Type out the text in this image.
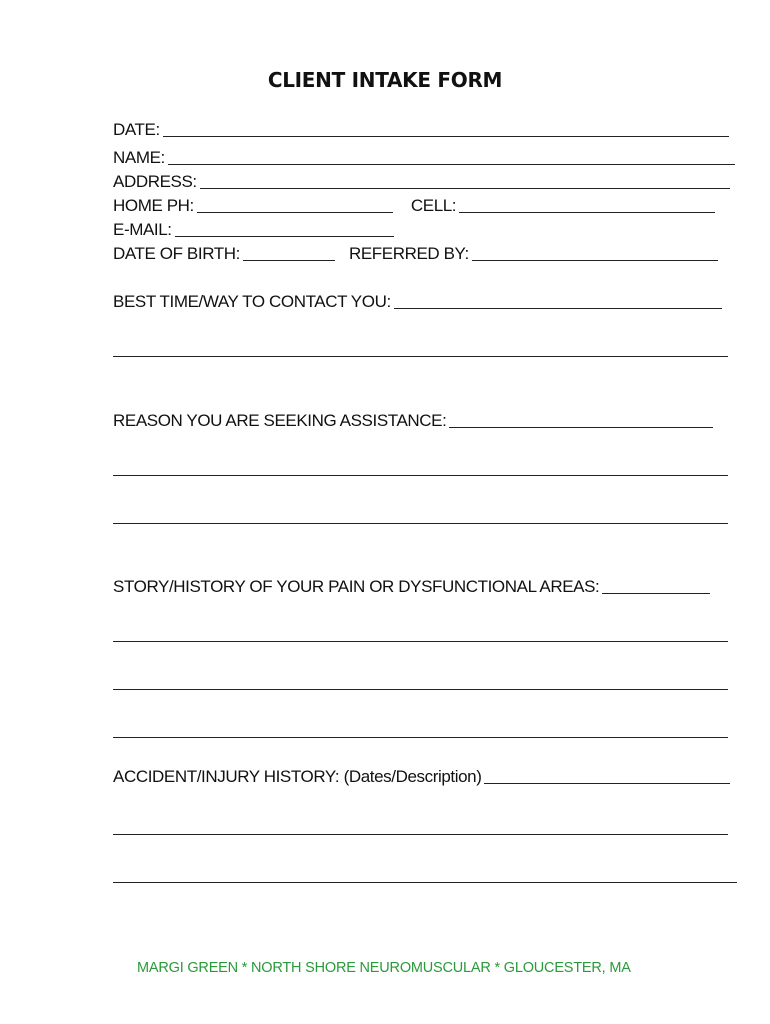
CLIENT INTAKE FORM
DATE:
NAME:
ADDRESS:
HOME PH:	CELL:
E-MAIL:
DATE OF BIRTH:	REFERRED BY:
BEST TIME/WAY TO CONTACT YOU:
REASON YOU ARE SEEKING ASSISTANCE:
STORY/HISTORY OF YOUR PAIN OR DYSFUNCTIONAL AREAS:
ACCIDENT/INJURY HISTORY: (Dates/Description)
MARGI GREEN * NORTH SHORE NEUROMUSCULAR * GLOUCESTER, MA
